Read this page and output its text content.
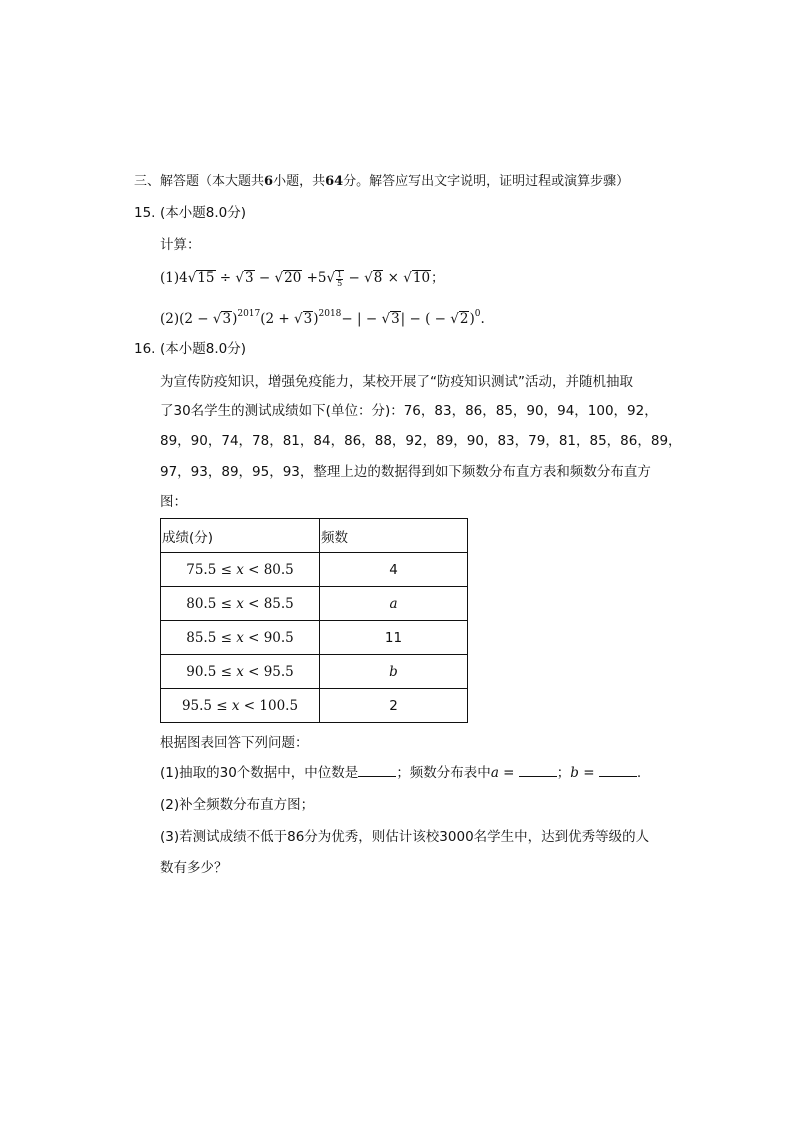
三、解答题（本大题共6小题，共64分。解答应写出文字说明，证明过程或演算步骤）
15. (本小题8.0分)
计算：
$(1)4√15 \div √3 - √20 +5√ \frac{1}{5} - √8 \times √10$；
$(2)(2 - √3)^{2017}(2 + √3)^{2018}-$ | − √3| − ( − √2)$^0$.
16. (本小题8.0分)
为宣传防疫知识，增强免疫能力，某校开展了“防疫知识测试”活动，并随机抽取
了30名学生的测试成绩如下(单位：分)：76，83，86，85，90，94，100，92，
89，90，74，78，81，84，86，88，92，89，90，83，79，81，85，86，89，
97，93，89，95，93，整理上边的数据得到如下频数分布直方表和频数分布直方
图：
成绩(分)	频数
75.5 ≤ x < 80.5	4
80.5 ≤ x < 85.5	a
85.5 ≤ x < 90.5	11
90.5 ≤ x < 95.5	b
95.5 ≤ x < 100.5	2
根据图表回答下列问题：
(1)抽取的30个数据中，中位数是	；频数分布表中a =	；b =	.
(2)补全频数分布直方图；
(3)若测试成绩不低于86分为优秀，则估计该校3000名学生中，达到优秀等级的人
数有多少？
